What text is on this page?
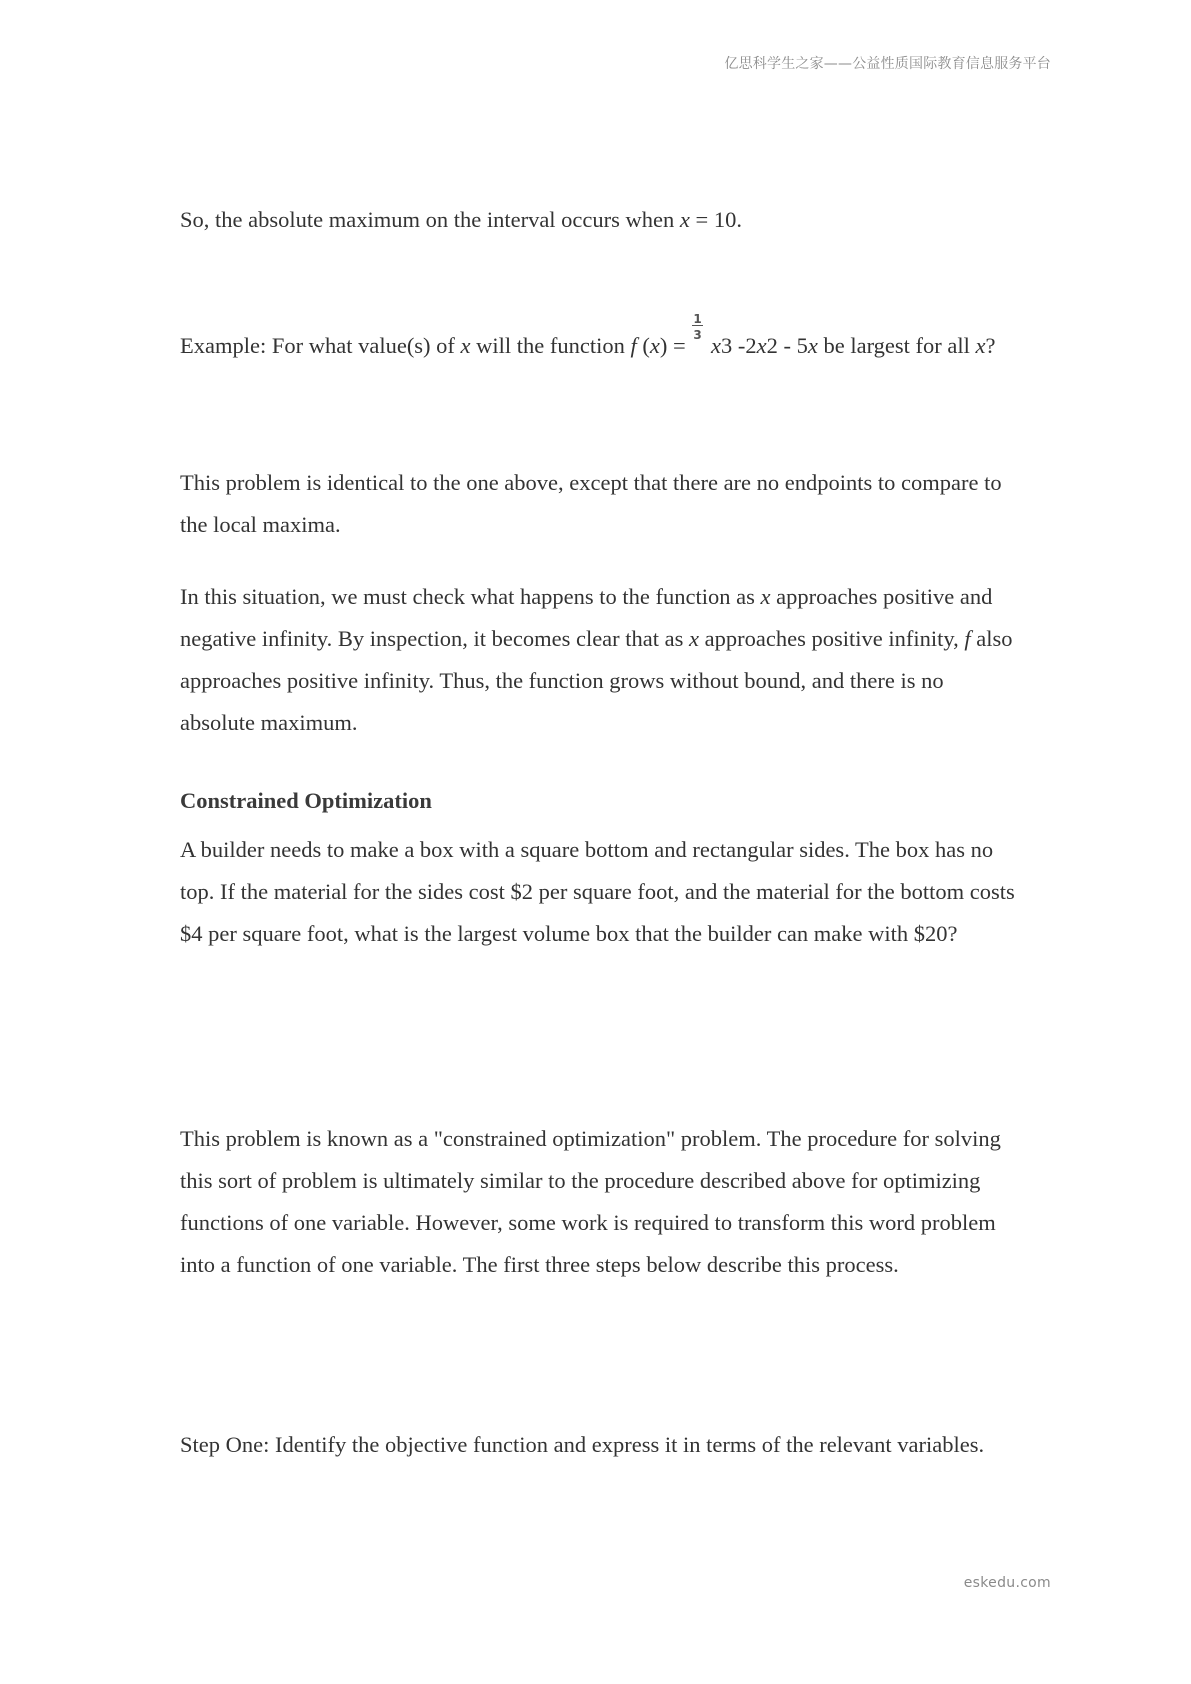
亿思科学生之家——公益性质国际教育信息服务平台

So, the absolute maximum on the interval occurs when x = 10.

Example: For what value(s) of x will the function f $(x) = \frac{1}{3} x3$ -2x2 - 5x be largest for all x?

This problem is identical to the one above, except that there are no endpoints to compare to the local maxima.

In this situation, we must check what happens to the function as x approaches positive and negative infinity. By inspection, it becomes clear that as x approaches positive infinity, f also approaches positive infinity. Thus, the function grows without bound, and there is no absolute maximum.

Constrained Optimization

A builder needs to make a box with a square bottom and rectangular sides. The box has no top. If the material for the sides cost $2 per square foot, and the material for the bottom costs $4 per square foot, what is the largest volume box that the builder can make with $20?

This problem is known as a "constrained optimization" problem. The procedure for solving this sort of problem is ultimately similar to the procedure described above for optimizing functions of one variable. However, some work is required to transform this word problem into a function of one variable. The first three steps below describe this process.

Step One: Identify the objective function and express it in terms of the relevant variables.

eskedu.com
